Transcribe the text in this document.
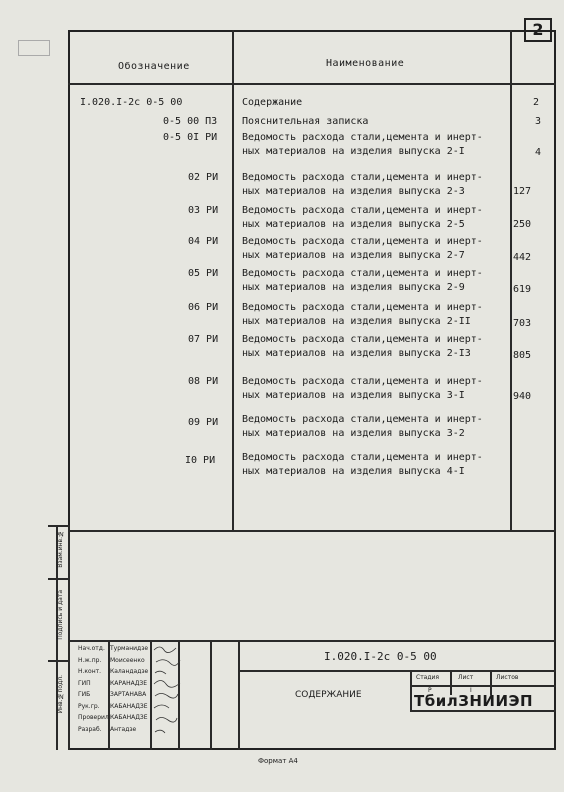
2
Обозначение	Наименование
I.020.I-2с 0-5 00	Содержание	2
0-5 00 ПЗ Пояснительная записка	3
0-5 0I РИ Ведомость расхода стали,цемента и инерт-
ных материалов на изделия выпуска 2-I	4
02 РИ Ведомость расхода стали,цемента и инерт-
ных материалов на изделия выпуска 2-3	127
03 РИ Ведомость расхода стали,цемента и инерт-
ных материалов на изделия выпуска 2-5	250
04 РИ Ведомость расхода стали,цемента и инерт-
ных материалов на изделия выпуска 2-7	442
05 РИ Ведомость расхода стали,цемента и инерт-
ных материалов на изделия выпуска 2-9	619
06 РИ Ведомость расхода стали,цемента и инерт-
ных материалов на изделия выпуска 2-II	703
07 РИ Ведомость расхода стали,цемента и инерт-
ных материалов на изделия выпуска 2-I3	805
08 РИ Ведомость расхода стали,цемента и инерт-
ных материалов на изделия выпуска 3-I	940
09 РИ Ведомость расхода стали,цемента и инерт-
ных материалов на изделия выпуска 3-2
I0 РИ	Ведомость расхода стали,цемента и инерт-
ных материалов на изделия выпуска 4-I
Взам.инв.№
Подпись и дата
Инв.№подл.
I.020.I-2с 0-5 00
СОДЕРЖАНИЕ
Стадия	Лист	Листов
Р	I
ТбилЗНИИЭП
Нач.отд. Турманидзе
Н.ж.пр. Моисеенко
Н.конт. Каландадзе
ГИП	КАРАНАДЗЕ
ГИБ	ЗАРТАНАВА
Рук.гр. КАБАНАДЗЕ
Проверил КАБАНАДЗЕ
Разраб. Антадзе
Формат А4
